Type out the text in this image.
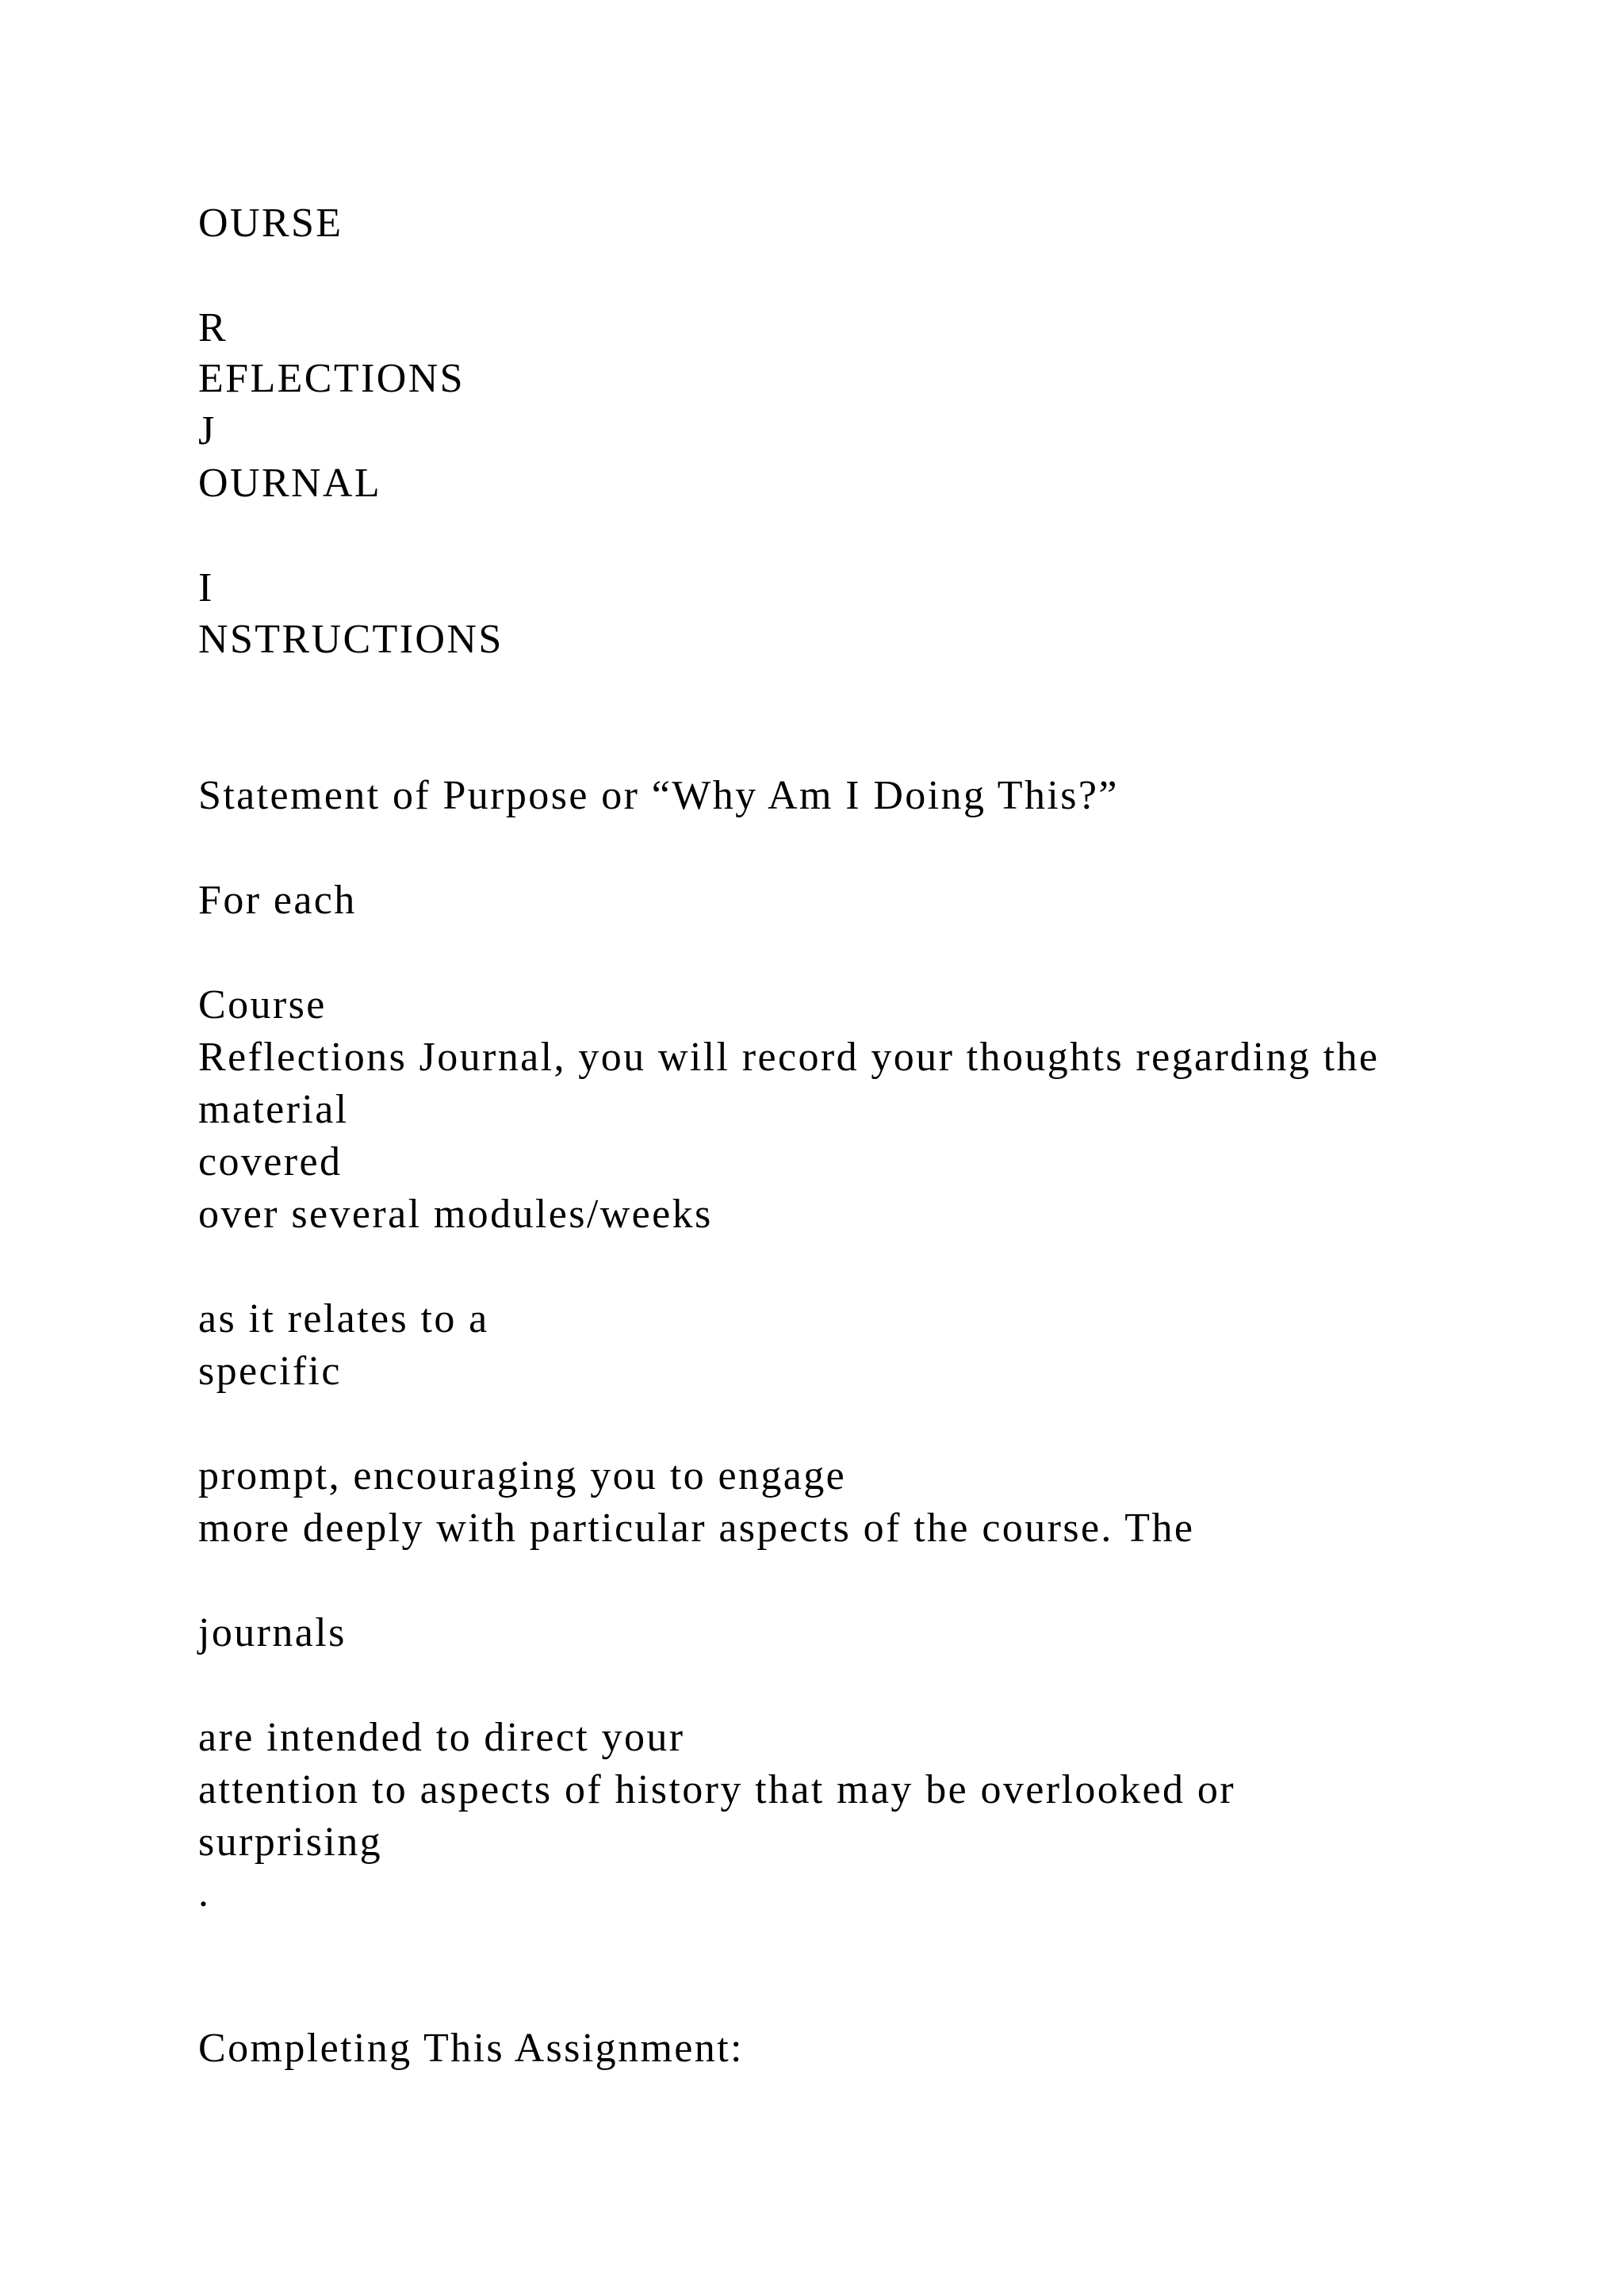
OURSE

R

EFLECTIONS

J

OURNAL

I

NSTRUCTIONS

Statement of Purpose or “Why Am I Doing This?”

For each

Course

Reflections Journal, you will record your thoughts regarding the

material

covered

over several modules/weeks

as it relates to a

specific

prompt, encouraging you to engage

more deeply with particular aspects of the course. The

journals

are intended to direct your

attention to aspects of history that may be overlooked or

surprising

.

Completing This Assignment:
